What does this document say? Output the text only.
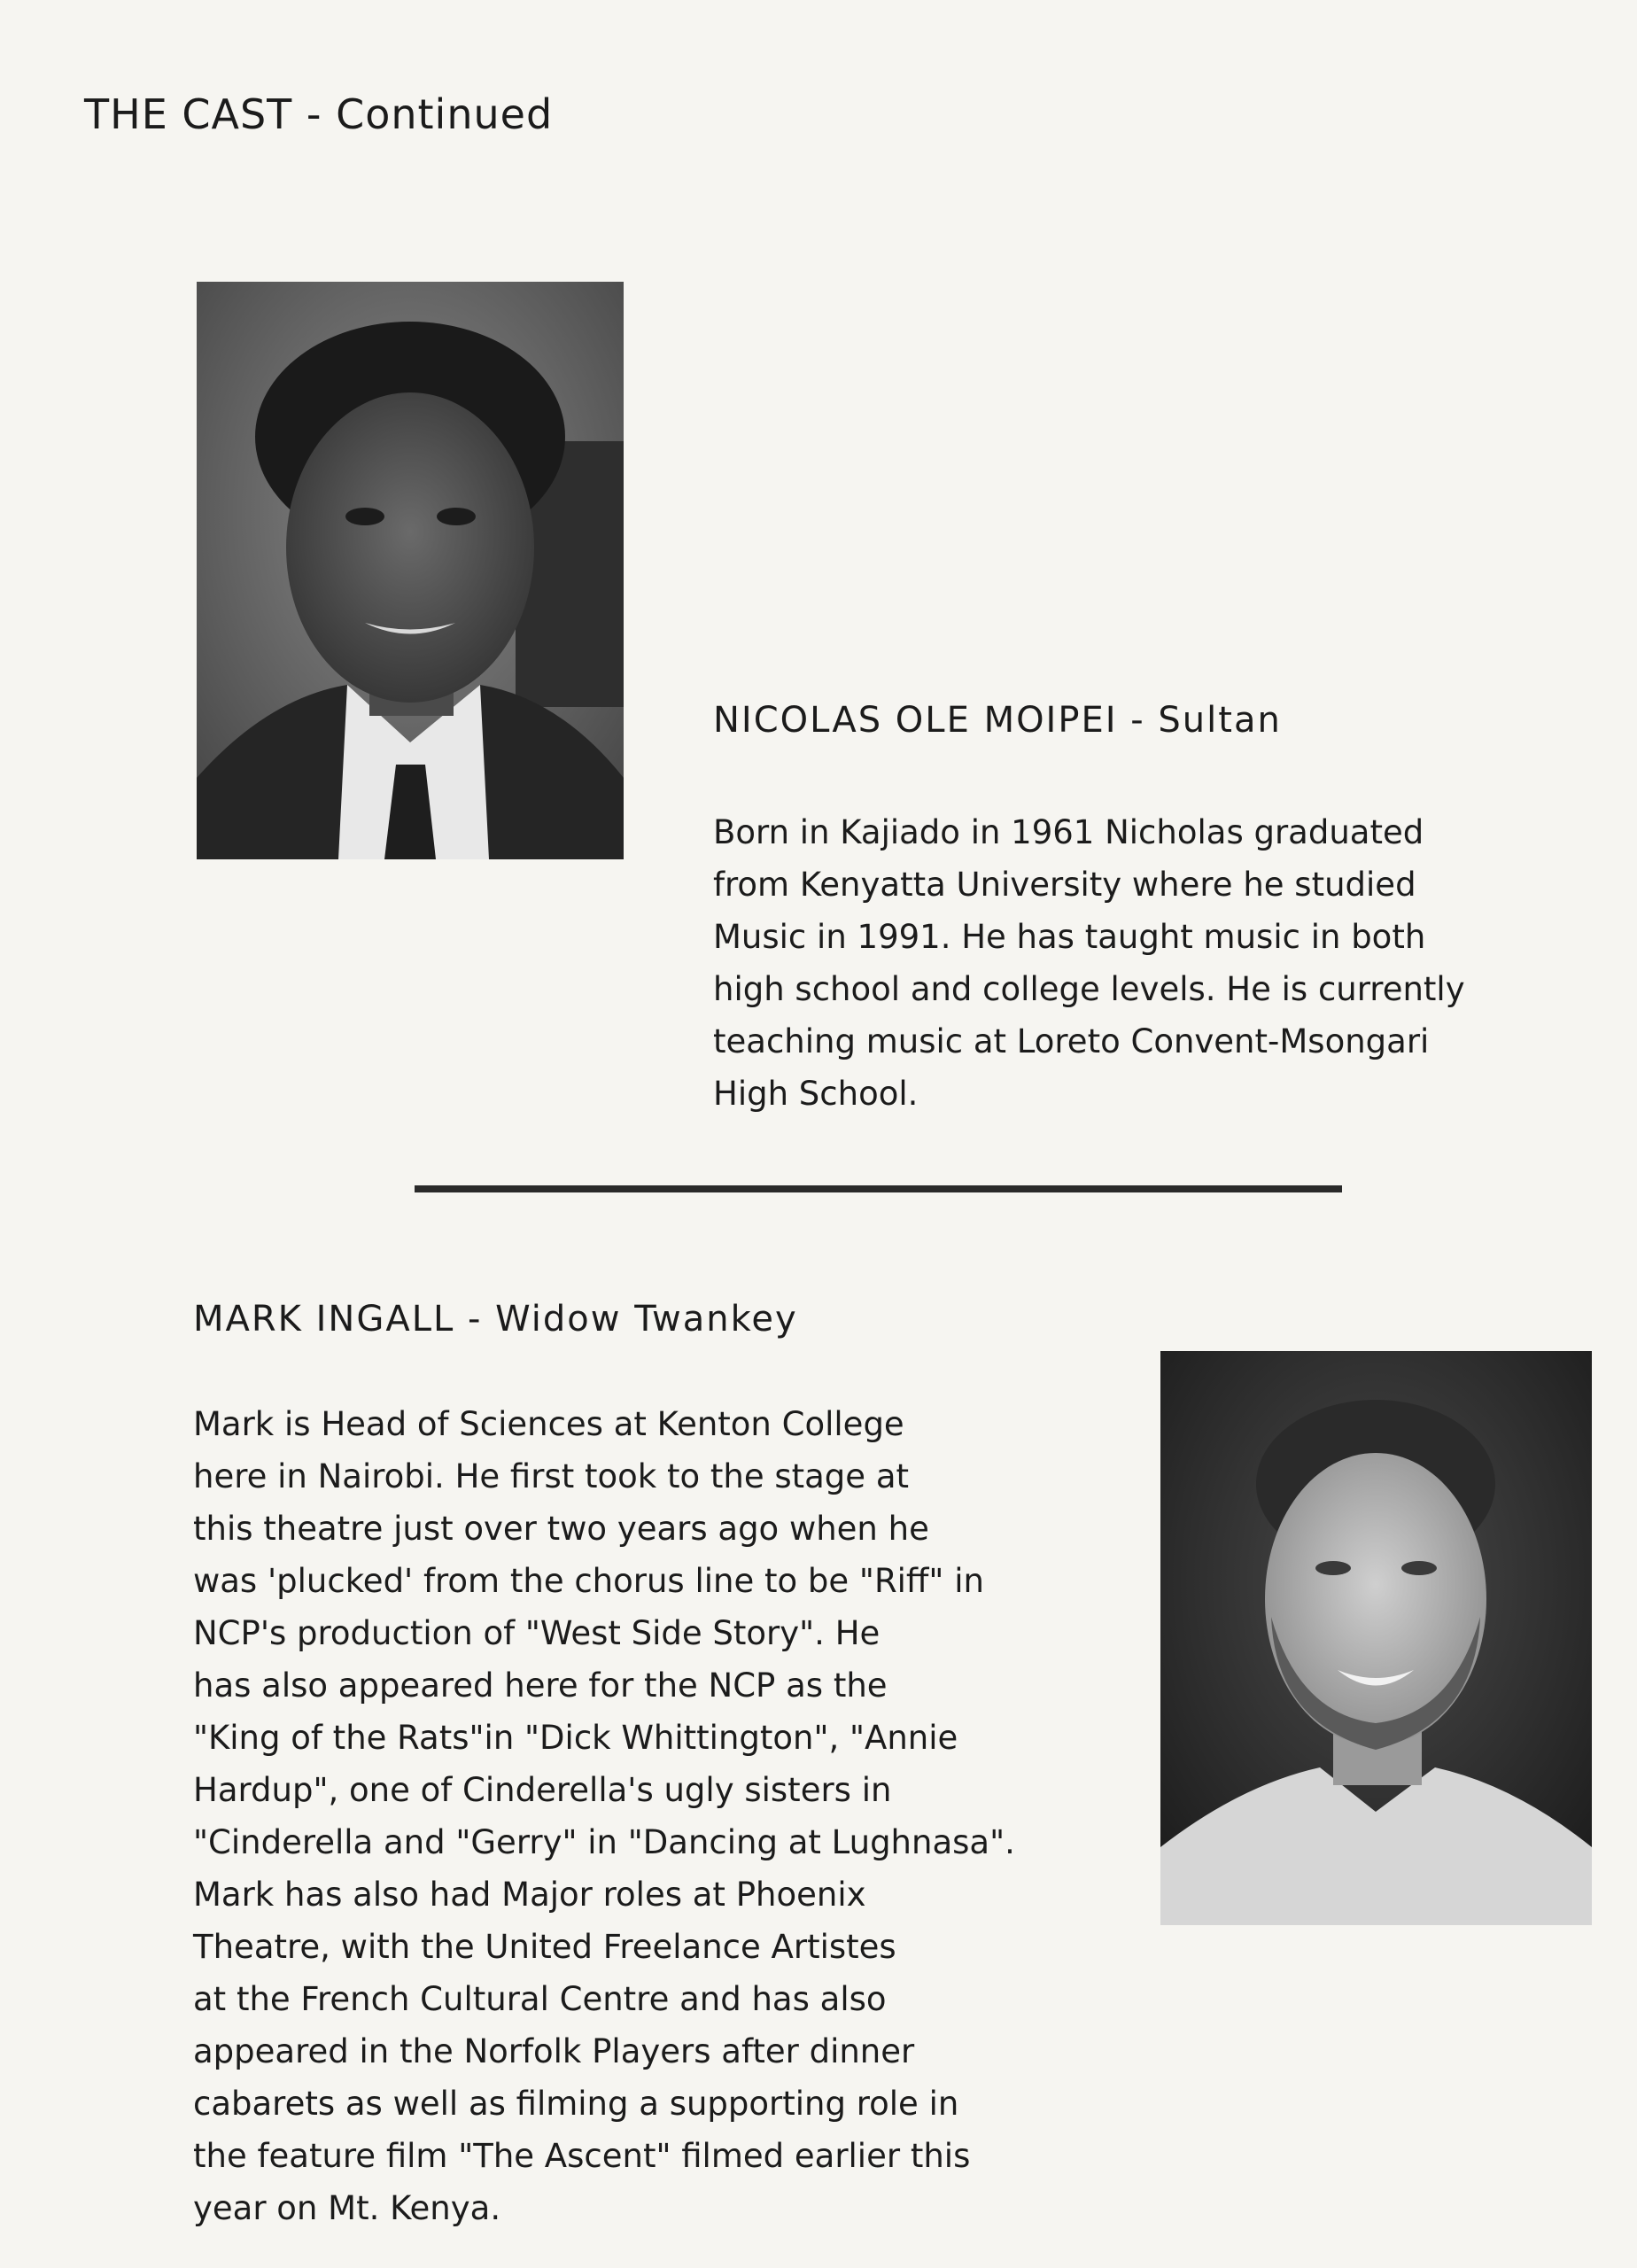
THE CAST - Continued
NICOLAS OLE MOIPEI - Sultan
Born in Kajiado in 1961 Nicholas graduated
from Kenyatta University where he studied
Music in 1991. He has taught music in both
high school and college levels. He is currently
teaching music at Loreto Convent-Msongari
High School.
MARK INGALL - Widow Twankey
Mark is Head of Sciences at Kenton College
here in Nairobi. He first took to the stage at
this theatre just over two years ago when he
was 'plucked' from the chorus line to be "Riff" in
NCP's production of "West Side Story". He
has also appeared here for the NCP as the
"King of the Rats"in "Dick Whittington", "Annie
Hardup", one of Cinderella's ugly sisters in
"Cinderella and "Gerry" in "Dancing at Lughnasa".
Mark has also had Major roles at Phoenix
Theatre, with the United Freelance Artistes
at the French Cultural Centre and has also
appeared in the Norfolk Players after dinner
cabarets as well as filming a supporting role in
the feature film "The Ascent" filmed earlier this
year on Mt. Kenya.
